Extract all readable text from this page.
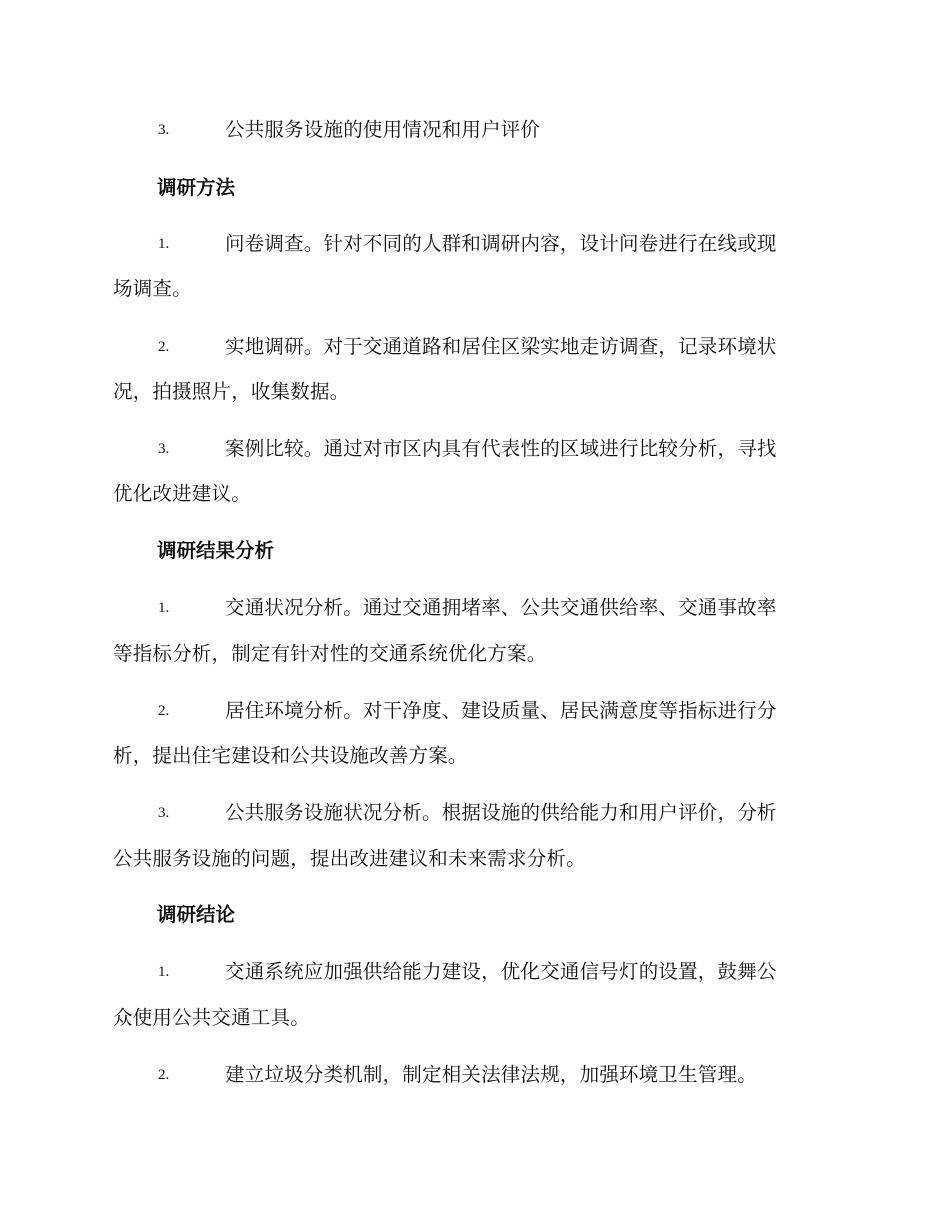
3.	公共服务设施的使用情况和用户评价
调研方法
1.	问卷调查。针对不同的人群和调研内容，设计问卷进行在线或现
场调查。
2.	实地调研。对于交通道路和居住区梁实地走访调查，记录环境状
况，拍摄照片，收集数据。
3.	案例比较。通过对市区内具有代表性的区域进行比较分析，寻找
优化改进建议。
调研结果分析
1.	交通状况分析。通过交通拥堵率、公共交通供给率、交通事故率
等指标分析，制定有针对性的交通系统优化方案。
2.	居住环境分析。对干净度、建设质量、居民满意度等指标进行分
析，提出住宅建设和公共设施改善方案。
3.	公共服务设施状况分析。根据设施的供给能力和用户评价，分析
公共服务设施的问题，提出改进建议和未来需求分析。
调研结论
1.	交通系统应加强供给能力建设，优化交通信号灯的设置，鼓舞公
众使用公共交通工具。
2.	建立垃圾分类机制，制定相关法律法规，加强环境卫生管理。
